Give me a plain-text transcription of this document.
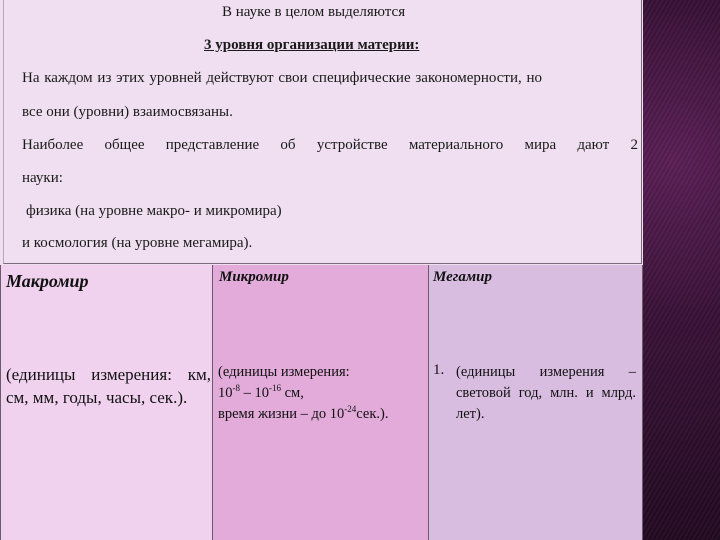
В науке в целом выделяются
3 уровня организации материи:
На каждом из этих уровней действуют свои специфические закономерности, но
все они (уровни) взаимосвязаны.
Наиболее общее представление об устройстве материального мира дают 2
науки:
физика (на уровне макро- и микромира)
и космология (на уровне мегамира).
Макромир
(единицы измерения: км, см, мм, годы, часы, сек.).
Микромир
(единицы измерения:
$10^{-8} - 10^{-16}$ см,
время жизни – до $10^{-24}сек$.).
Мегамир
1. (единицы измерения – световой год, млн. и млрд. лет).
